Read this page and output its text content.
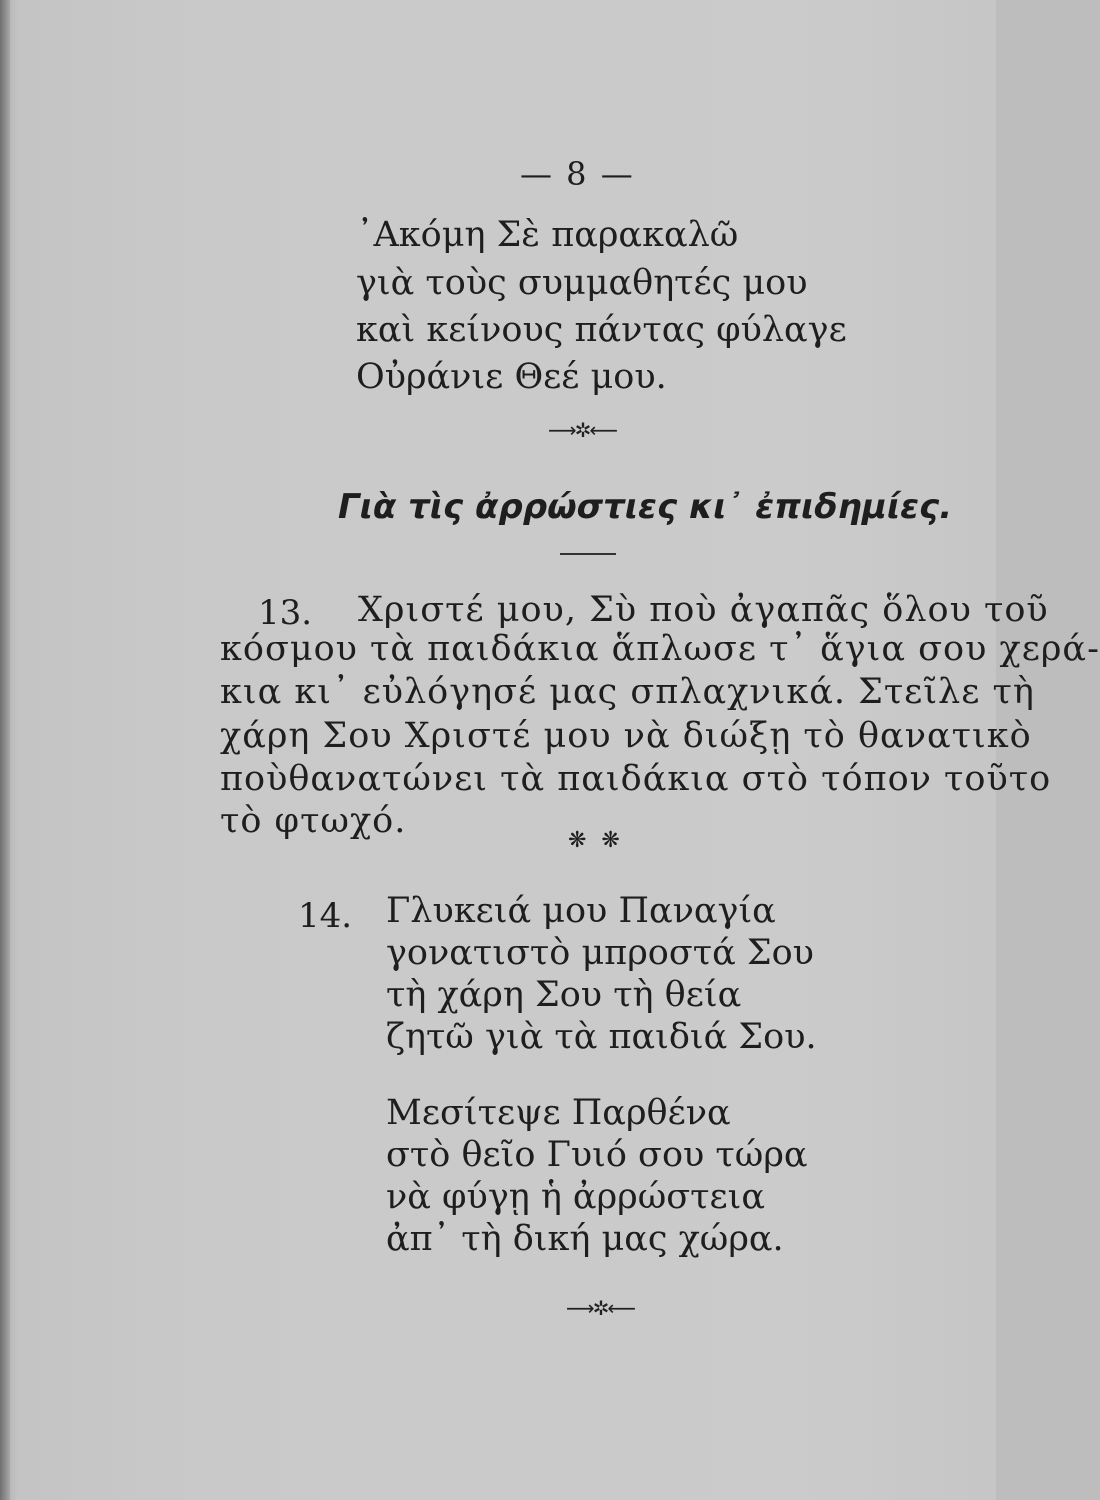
— 8 —
᾿Ακόμη Σὲ παρακαλῶ
γιὰ τοὺς συμμαθητές μου
καὶ κείνους πάντας φύλαγε
Οὐράνιε Θεέ μου.
⟶✲⟵
Γιὰ τὶς ἀρρώστιες κι᾿ ἐπιδημίες.
13. Χριστέ μου, Σὺ ποὺ ἀγαπᾶς ὅλου τοῦ
κόσμου τὰ παιδάκια ἅπλωσε τ᾿ ἅγια σου χερά-
κια κι᾿ εὐλόγησέ μας σπλαχνικά. Στεῖλε τὴ
χάρη Σου Χριστέ μου νὰ διώξῃ τὸ θανατικὸ
ποὺθανατώνει τὰ παιδάκια στὸ τόπον τοῦτο
τὸ φτωχό.	❋ ❋
14. Γλυκειά μου Παναγία
γονατιστὸ μπροστά Σου
τὴ χάρη Σου τὴ θεία
ζητῶ γιὰ τὰ παιδιά Σου.
Μεσίτεψε Παρθένα
στὸ θεῖο Γυιό σου τώρα
νὰ φύγῃ ἡ ἀρρώστεια
ἀπ᾿ τὴ δική μας χώρα.
⟶✲⟵
